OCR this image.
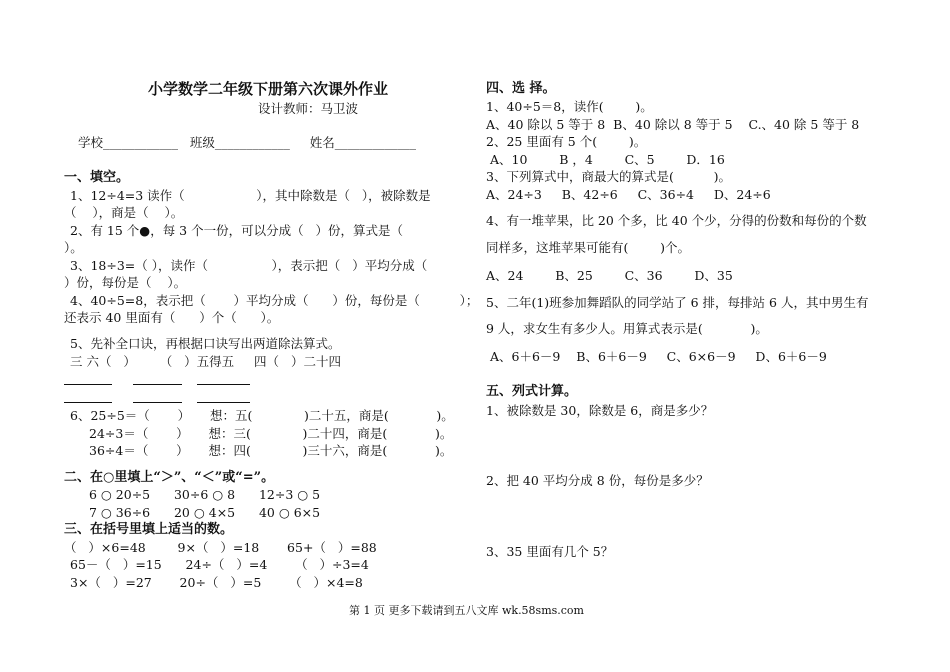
小学数学二年级下册第六次课外作业
设计教师：马卫波
学校____________   班级____________     姓名_____________
一、填空。
1、12÷4=3 读作（                  ），其中除数是（   ），被除数是
（    ），商是（    ）。
2、有 15 个●，每 3 个一份，可以分成（   ）份，算式是（
）。
3、18÷3=（ ），读作（                ），表示把（   ）平均分成（
）份，每份是（    ）。
4、40÷5=8，表示把（       ）平均分成（      ）份，每份是（          ）；
还表示 40 里面有（      ）个（      ）。
5、先补全口诀，再根据口诀写出两道除法算式。
三 六（   ）      （   ）五得五     四（   ）二十四
6、25÷5＝（       ）     想：五(             )二十五，商是(            )。
24÷3＝（       ）     想：三(             )二十四，商是(            )。
36÷4＝（       ）     想：四(             )三十六，商是(            )。
二、在○里填上“＞”、“＜”或“=”。
6 ○ 20÷5      30÷6 ○ 8      12÷3 ○ 5
7 ○ 36÷6      20 ○ 4×5      40 ○ 6×5
三、在括号里填上适当的数。
（   ）×6=48        9×（   ）=18       65+（   ）=88
65－（   ）=15      24÷（   ）=4       （   ）÷3=4
3×（   ）=27       20÷（   ）=5       （   ）×4=8
四、选 择。
1、40÷5＝8，读作(        )。
A、40 除以 5 等于 8  B、40 除以 8 等于 5    C.、40 除 5 等于 8
2、25 里面有 5 个(        )。
A、10        B ，4        C、5        D．16
3、下列算式中，商最大的算式是(          )。
A、24÷3     B、42÷6     C、36÷4     D、24÷6
4、有一堆苹果，比 20 个多，比 40 个少，分得的份数和每份的个数
同样多，这堆苹果可能有(        )个。
A、24        B、25        C、36        D、35
5、二年(1)班参加舞蹈队的同学站了 6 排，每排站 6 人，其中男生有
9 人，求女生有多少人。用算式表示是(            )。
A、6＋6－9    B、6＋6－9     C、6×6－9     D、6＋6－9
五、列式计算。
1、被除数是 30，除数是 6，商是多少？
2、把 40 平均分成 8 份，每份是多少？
3、35 里面有几个 5？
第 1 页 更多下载请到五八文库 wk.58sms.com
